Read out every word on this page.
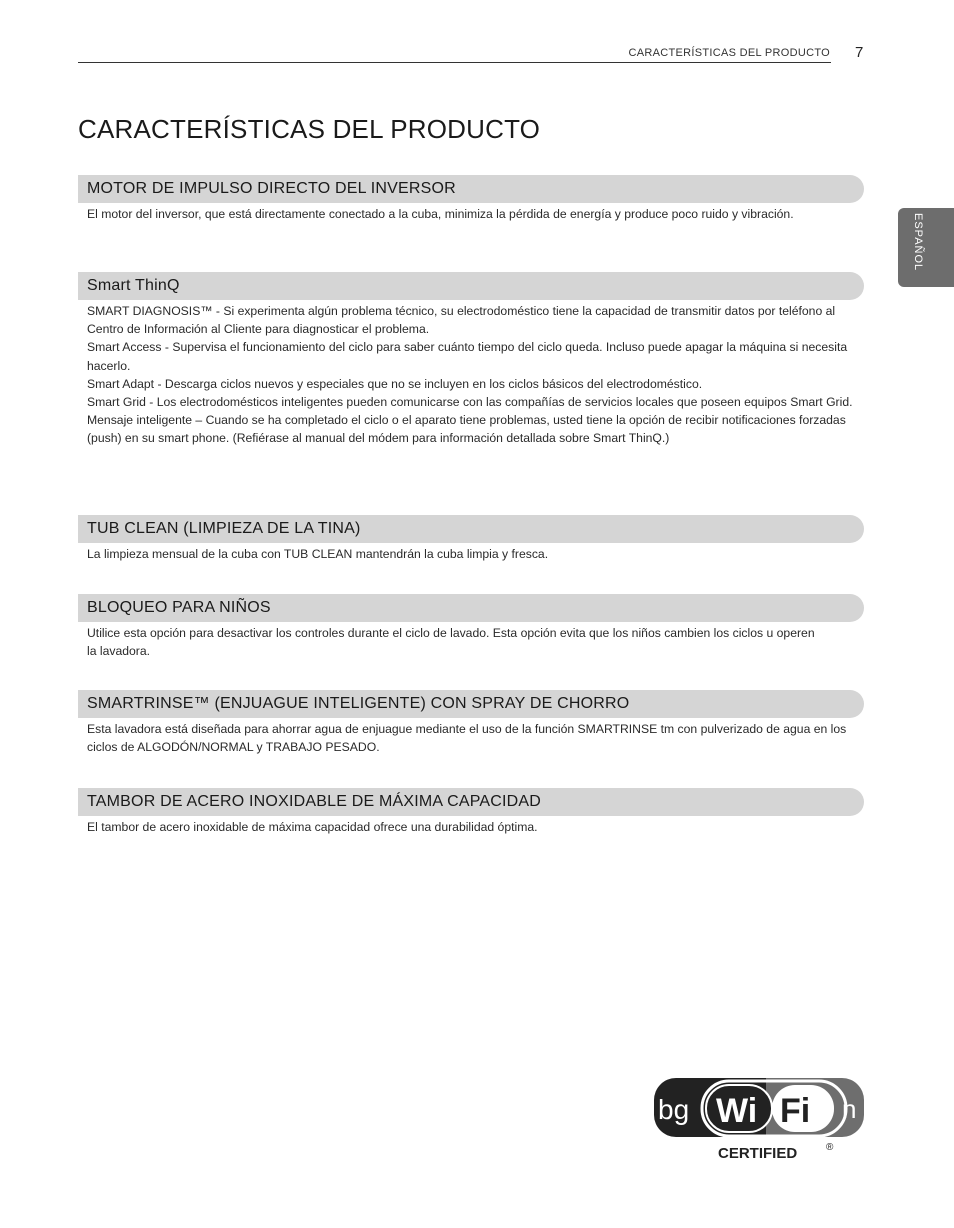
CARACTERÍSTICAS DEL PRODUCTO 7
CARACTERÍSTICAS DEL PRODUCTO
ESPAÑOL
MOTOR DE IMPULSO DIRECTO DEL INVERSOR

El motor del inversor, que está directamente conectado a la cuba, minimiza la pérdida de energía y produce poco ruido y vibración.

Smart ThinQ

SMART DIAGNOSIS™ - Si experimenta algún problema técnico, su electrodoméstico tiene la capacidad de transmitir datos por teléfono al Centro de Información al Cliente para diagnosticar el problema.

Smart Access - Supervisa el funcionamiento del ciclo para saber cuánto tiempo del ciclo queda. Incluso puede apagar la máquina si necesita hacerlo.

Smart Adapt - Descarga ciclos nuevos y especiales que no se incluyen en los ciclos básicos del electrodoméstico.

Smart Grid - Los electrodomésticos inteligentes pueden comunicarse con las compañías de servicios locales que poseen equipos Smart Grid.

Mensaje inteligente – Cuando se ha completado el ciclo o el aparato tiene problemas, usted tiene la opción de recibir notificaciones forzadas (push) en su smart phone. (Refiérase al manual del módem para información detallada sobre Smart ThinQ.)

TUB CLEAN (LIMPIEZA DE LA TINA)

La limpieza mensual de la cuba con TUB CLEAN mantendrán la cuba limpia y fresca.

BLOQUEO PARA NIÑOS

Utilice esta opción para desactivar los controles durante el ciclo de lavado. Esta opción evita que los niños cambien los ciclos u operen la lavadora.

SMARTRINSE™ (ENJUAGUE INTELIGENTE) CON SPRAY DE CHORRO

Esta lavadora está diseñada para ahorrar agua de enjuague mediante el uso de la función SMARTRINSE tm con pulverizado de agua en los ciclos de ALGODÓN/NORMAL y TRABAJO PESADO.

TAMBOR DE ACERO INOXIDABLE DE MÁXIMA CAPACIDAD

El tambor de acero inoxidable de máxima capacidad ofrece una durabilidad óptima.

bg Wi Fi n
CERTIFIED	®
